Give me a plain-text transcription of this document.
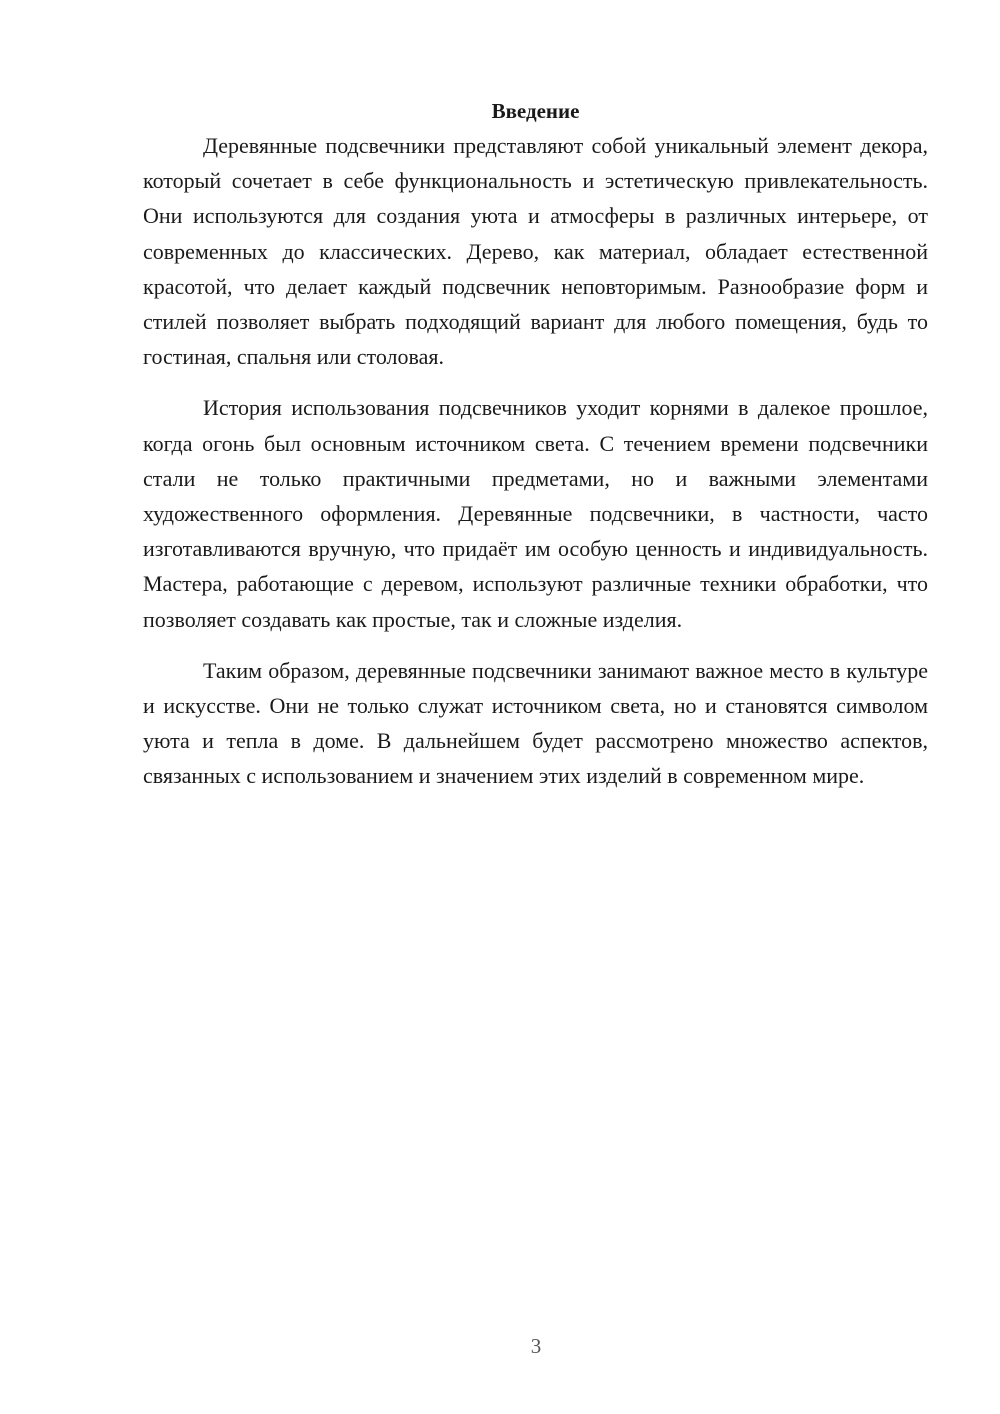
Введение

Деревянные подсвечники представляют собой уникальный элемент декора, который сочетает в себе функциональность и эстетическую привлекательность. Они используются для создания уюта и атмосферы в различных интерьере, от современных до классических. Дерево, как материал, обладает естественной красотой, что делает каждый подсвечник неповторимым. Разнообразие форм и стилей позволяет выбрать подходящий вариант для любого помещения, будь то гостиная, спальня или столовая.

История использования подсвечников уходит корнями в далекое прошлое, когда огонь был основным источником света. С течением времени подсвечники стали не только практичными предметами, но и важными элементами художественного оформления. Деревянные подсвечники, в частности, часто изготавливаются вручную, что придаёт им особую ценность и индивидуальность. Мастера, работающие с деревом, используют различные техники обработки, что позволяет создавать как простые, так и сложные изделия.

Таким образом, деревянные подсвечники занимают важное место в культуре и искусстве. Они не только служат источником света, но и становятся символом уюта и тепла в доме. В дальнейшем будет рассмотрено множество аспектов, связанных с использованием и значением этих изделий в современном мире.

3
